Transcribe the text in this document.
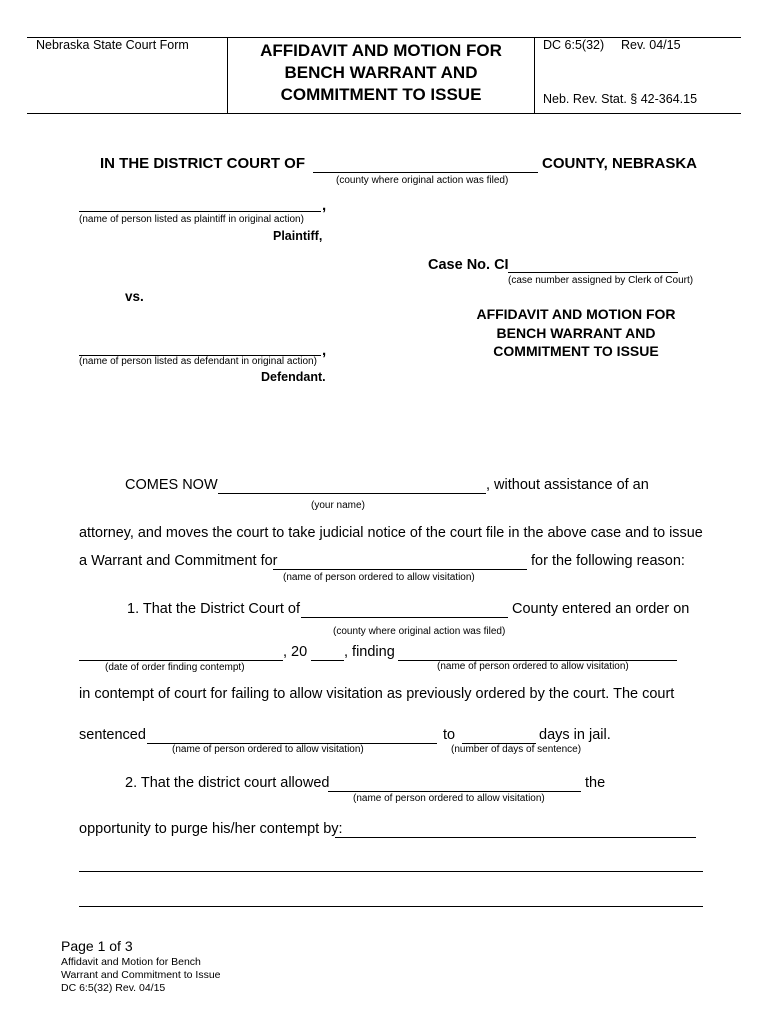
Nebraska State Court Form	AFFIDAVIT AND MOTION FOR
BENCH WARRANT AND
COMMITMENT TO ISSUE
DC 6:5(32) Rev. 04/15
Neb. Rev. Stat. § 42-364.15
IN THE DISTRICT COURT OF	COUNTY, NEBRASKA
(county where original action was filed)
,
(name of person listed as plaintiff in original action)
Plaintiff,
Case No. CI
(case number assigned by Clerk of Court)
vs.
AFFIDAVIT AND MOTION FOR
BENCH WARRANT AND
COMMITMENT TO ISSUE
,
(name of person listed as defendant in original action)
Defendant.
COMES NOW	, without assistance of an
(your name)
attorney, and moves the court to take judicial notice of the court file in the above case and to issue
a Warrant and Commitment for	for the following reason:
(name of person ordered to allow visitation)
1. That the District Court of	County entered an order on
(county where original action was filed)
, 20	, finding
(date of order finding contempt)	(name of person ordered to allow visitation)
in contempt of court for failing to allow visitation as previously ordered by the court. The court
sentenced	to	days in jail.
(name of person ordered to allow visitation)	(number of days of sentence)
2. That the district court allowed	the
(name of person ordered to allow visitation)
opportunity to purge his/her contempt by:
Page 1 of 3
Affidavit and Motion for Bench
Warrant and Commitment to Issue
DC 6:5(32) Rev. 04/15
